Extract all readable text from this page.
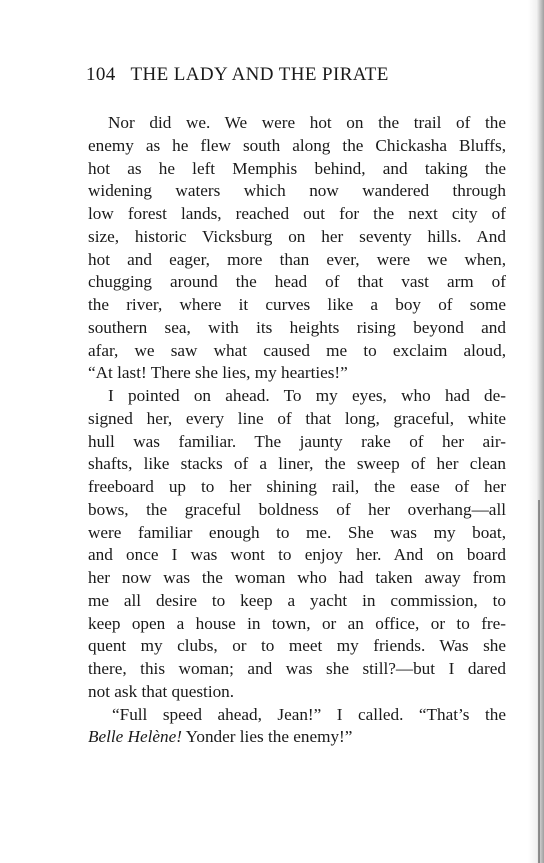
104 THE LADY AND THE PIRATE
Nor did we. We were hot on the trail of the
enemy as he flew south along the Chickasha Bluffs,
hot as he left Memphis behind, and taking the
widening waters which now wandered through
low forest lands, reached out for the next city of
size, historic Vicksburg on her seventy hills. And
hot and eager, more than ever, were we when,
chugging around the head of that vast arm of
the river, where it curves like a boy of some
southern sea, with its heights rising beyond and
afar, we saw what caused me to exclaim aloud,
“At last! There she lies, my hearties!”
I pointed on ahead. To my eyes, who had de-
signed her, every line of that long, graceful, white
hull was familiar. The jaunty rake of her air-
shafts, like stacks of a liner, the sweep of her clean
freeboard up to her shining rail, the ease of her
bows, the graceful boldness of her overhang—all
were familiar enough to me. She was my boat,
and once I was wont to enjoy her. And on board
her now was the woman who had taken away from
me all desire to keep a yacht in commission, to
keep open a house in town, or an office, or to fre-
quent my clubs, or to meet my friends. Was she
there, this woman; and was she still?—but I dared
not ask that question.
“Full speed ahead, Jean!” I called. “That’s the
Belle Helène! Yonder lies the enemy!”
